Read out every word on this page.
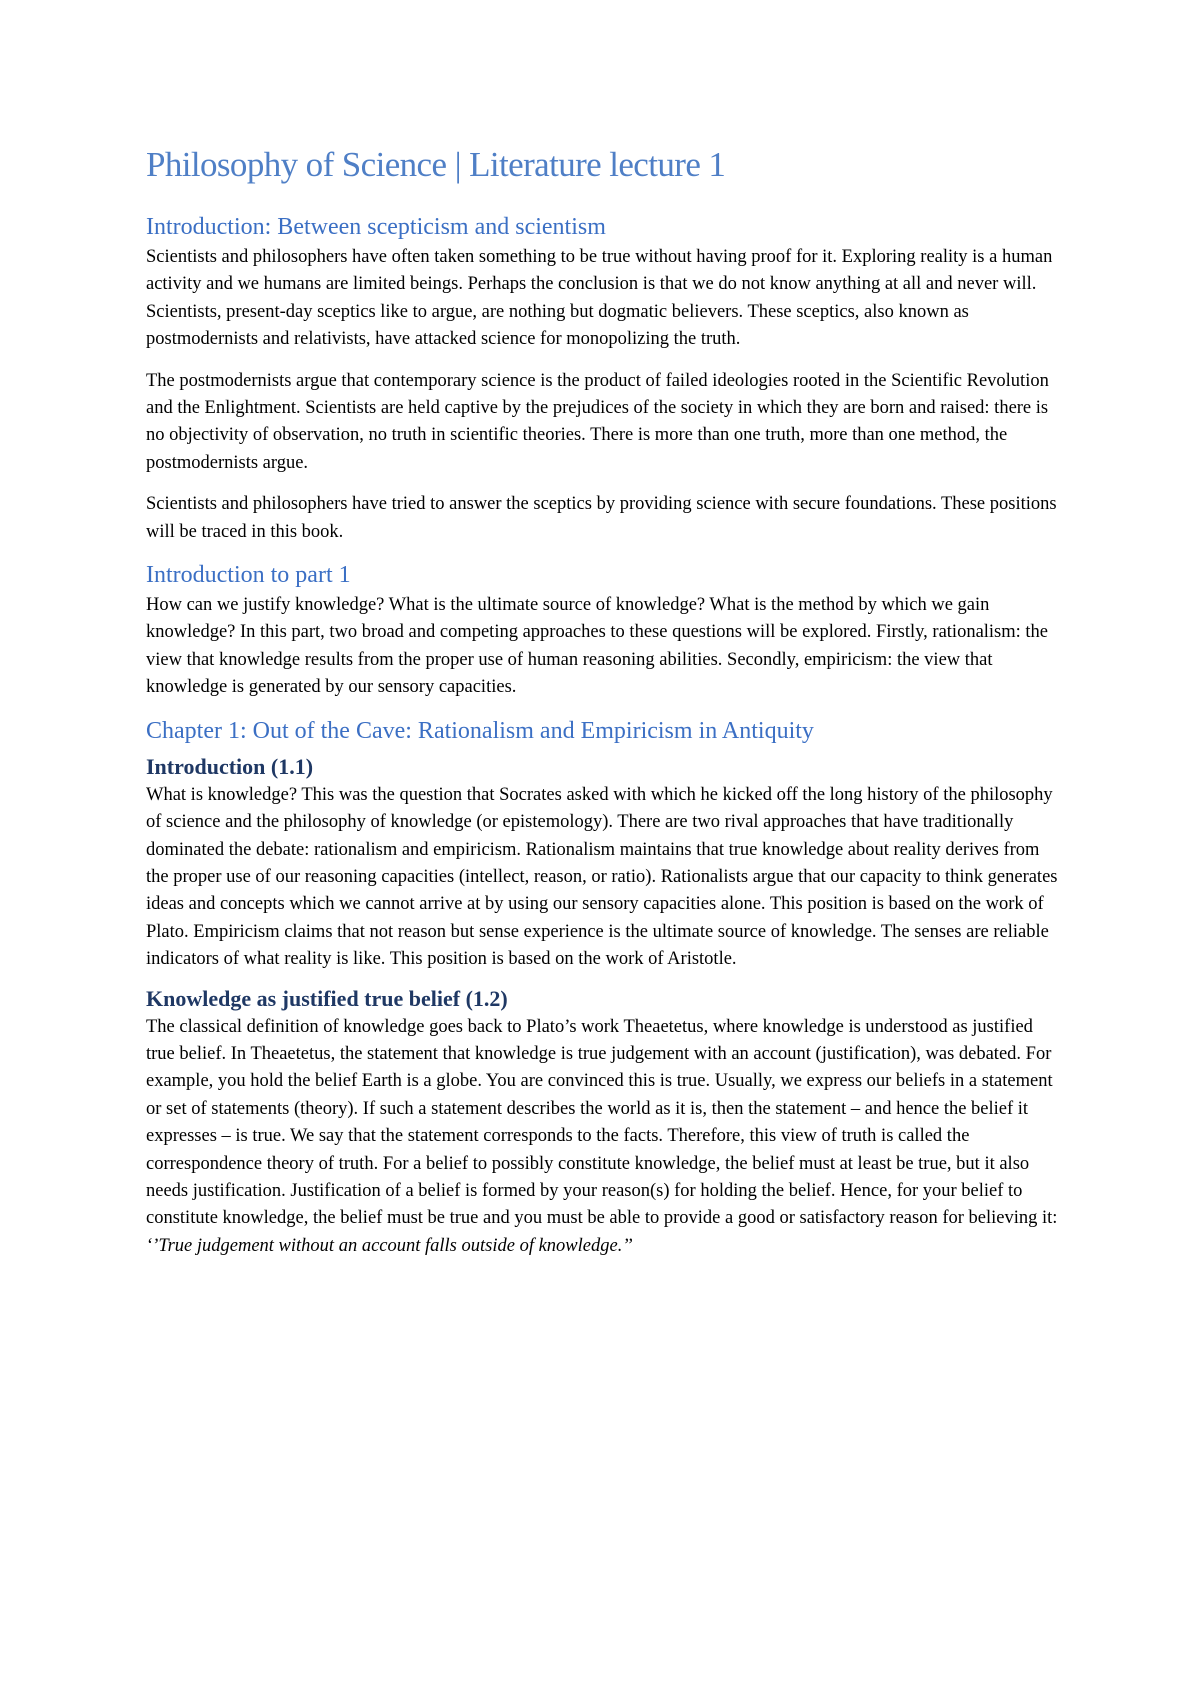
Philosophy of Science | Literature lecture 1
Introduction: Between scepticism and scientism

Scientists and philosophers have often taken something to be true without having proof for it. Exploring reality is a human activity and we humans are limited beings. Perhaps the conclusion is that we do not know anything at all and never will. Scientists, present-day sceptics like to argue, are nothing but dogmatic believers. These sceptics, also known as postmodernists and relativists, have attacked science for monopolizing the truth.

The postmodernists argue that contemporary science is the product of failed ideologies rooted in the Scientific Revolution and the Enlightment. Scientists are held captive by the prejudices of the society in which they are born and raised: there is no objectivity of observation, no truth in scientific theories. There is more than one truth, more than one method, the postmodernists argue.

Scientists and philosophers have tried to answer the sceptics by providing science with secure foundations. These positions will be traced in this book.

Introduction to part 1

How can we justify knowledge? What is the ultimate source of knowledge? What is the method by which we gain knowledge? In this part, two broad and competing approaches to these questions will be explored. Firstly, rationalism: the view that knowledge results from the proper use of human reasoning abilities. Secondly, empiricism: the view that knowledge is generated by our sensory capacities.

Chapter 1: Out of the Cave: Rationalism and Empiricism in Antiquity
Introduction (1.1)

What is knowledge? This was the question that Socrates asked with which he kicked off the long history of the philosophy of science and the philosophy of knowledge (or epistemology). There are two rival approaches that have traditionally dominated the debate: rationalism and empiricism. Rationalism maintains that true knowledge about reality derives from the proper use of our reasoning capacities (intellect, reason, or ratio). Rationalists argue that our capacity to think generates ideas and concepts which we cannot arrive at by using our sensory capacities alone. This position is based on the work of Plato. Empiricism claims that not reason but sense experience is the ultimate source of knowledge. The senses are reliable indicators of what reality is like. This position is based on the work of Aristotle.

Knowledge as justified true belief (1.2)

The classical definition of knowledge goes back to Plato’s work Theaetetus, where knowledge is understood as justified true belief. In Theaetetus, the statement that knowledge is true judgement with an account (justification), was debated. For example, you hold the belief Earth is a globe. You are convinced this is true. Usually, we express our beliefs in a statement or set of statements (theory). If such a statement describes the world as it is, then the statement – and hence the belief it expresses – is true. We say that the statement corresponds to the facts. Therefore, this view of truth is called the correspondence theory of truth. For a belief to possibly constitute knowledge, the belief must at least be true, but it also needs justification. Justification of a belief is formed by your reason(s) for holding the belief. Hence, for your belief to constitute knowledge, the belief must be true and you must be able to provide a good or satisfactory reason for believing it: ‘’True judgement without an account falls outside of knowledge.’’
